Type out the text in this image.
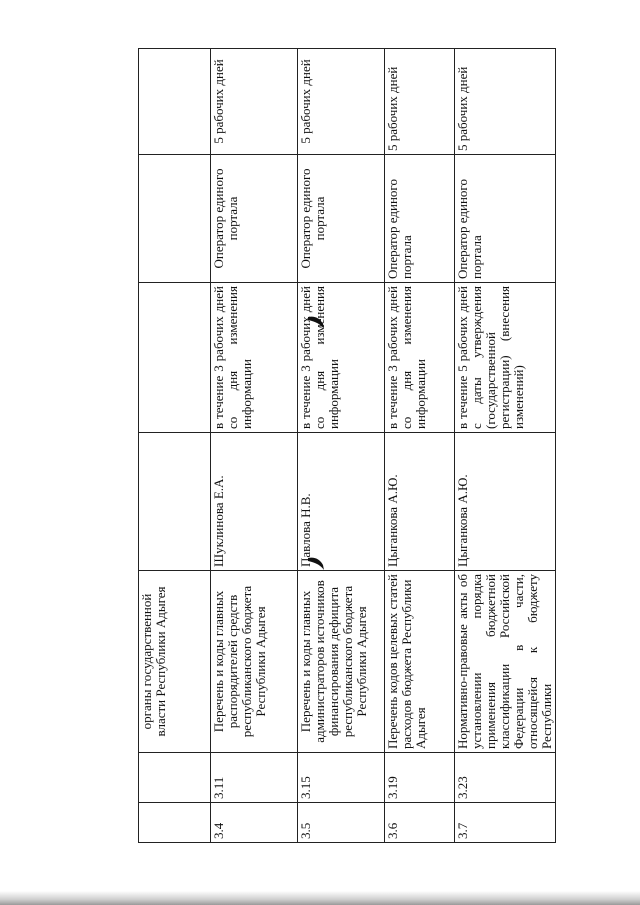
		органы государственной власти Республики Адыгея				
3.4	3.11	Перечень и коды главных распорядителей средств республиканского бюджета Республики Адыгея	Шуклинова Е.А.	в течение 3 рабочих дней со дня изменения информации	Оператор единого портала	5 рабочих дней
3.5	3.15	Перечень и коды главных администраторов источников финансирования дефицита республиканского бюджета Республики Адыгея	Павлова Н.В.	в течение 3 рабочих дней со дня изменения информации	Оператор единого портала	5 рабочих дней
3.6	3.19	Перечень кодов целевых статей расходов бюджета Республики Адыгея	Цыганкова А.Ю.	в течение 3 рабочих дней со дня изменения информации	Оператор единого портала	5 рабочих дней
3.7	3.23	Нормативно-правовые акты об установлении порядка применения бюджетной классификации Российской Федерации в части, относящейся к бюджету Республики	Цыганкова А.Ю.	в течение 5 рабочих дней с даты утверждения (государственной регистрации) (внесения изменений)	Оператор единого портала	5 рабочих дней
